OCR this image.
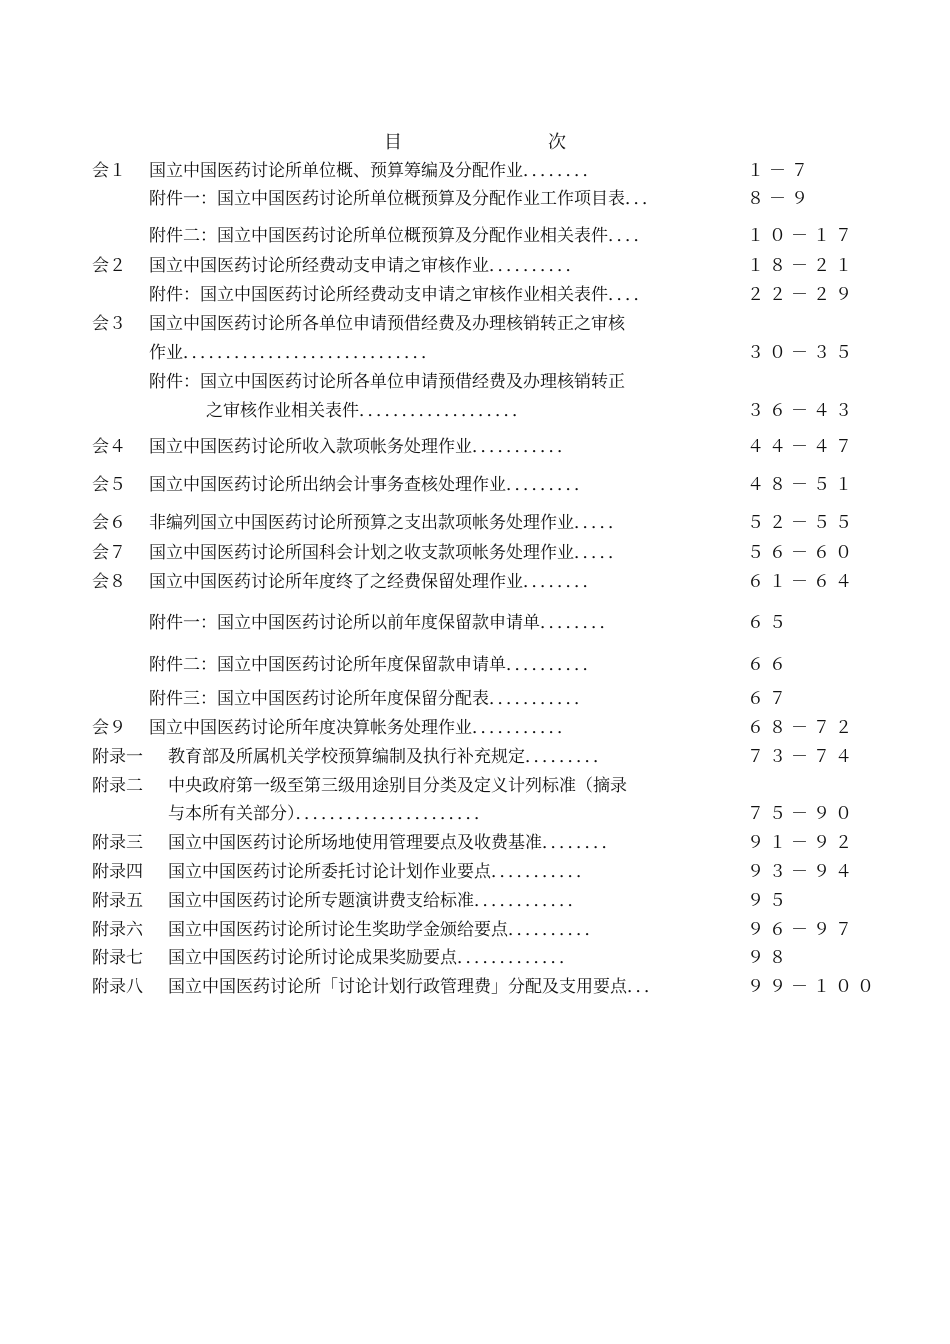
目	次
会１ 国立中国医药讨论所单位概、预算筹编及分配作业．．．．．．．．	１－７
附件一：国立中国医药讨论所单位概预算及分配作业工作项目表．．．	８－９
附件二：国立中国医药讨论所单位概预算及分配作业相关表件．．．．	１０－１７
会２ 国立中国医药讨论所经费动支申请之审核作业．．．．．．．．．．	１８－２１
附件：国立中国医药讨论所经费动支申请之审核作业相关表件．．．．	２２－２９
会３ 国立中国医药讨论所各单位申请预借经费及办理核销转正之审核
作业．．．．．．．．．．．．．．．．．．．．．．．．．．．．．	３０－３５
附件：国立中国医药讨论所各单位申请预借经费及办理核销转正
之审核作业相关表件．．．．．．．．．．．．．．．．．．．	３６－４３
会４ 国立中国医药讨论所收入款项帐务处理作业．．．．．．．．．．．	４４－４７
会５ 国立中国医药讨论所出纳会计事务查核处理作业．．．．．．．．．	４８－５１
会６ 非编列国立中国医药讨论所预算之支出款项帐务处理作业．．．．．	５２－５５
会７ 国立中国医药讨论所国科会计划之收支款项帐务处理作业．．．．．	５６－６０
会８ 国立中国医药讨论所年度终了之经费保留处理作业．．．．．．．．	６１－６４
附件一：国立中国医药讨论所以前年度保留款申请单．．．．．．．．	６５
附件二：国立中国医药讨论所年度保留款申请单．．．．．．．．．．	６６
附件三：国立中国医药讨论所年度保留分配表．．．．．．．．．．．	６７
会９ 国立中国医药讨论所年度决算帐务处理作业．．．．．．．．．．．	６８－７２
附录一 教育部及所属机关学校预算编制及执行补充规定．．．．．．．．．	７３－７４
附录二 中央政府第一级至第三级用途别目分类及定义计列标准（摘录
与本所有关部分）．．．．．．．．．．．．．．．．．．．．．．	７５－９０
附录三 国立中国医药讨论所场地使用管理要点及收费基准．．．．．．．．	９１－９２
附录四 国立中国医药讨论所委托讨论计划作业要点．．．．．．．．．．．	９３－９４
附录五 国立中国医药讨论所专题演讲费支给标准．．．．．．．．．．．．	９５
附录六 国立中国医药讨论所讨论生奖助学金颁给要点．．．．．．．．．．	９６－９７
附录七 国立中国医药讨论所讨论成果奖励要点．．．．．．．．．．．．．	９８
附录八 国立中国医药讨论所「讨论计划行政管理费」分配及支用要点．．．	９９－１００
